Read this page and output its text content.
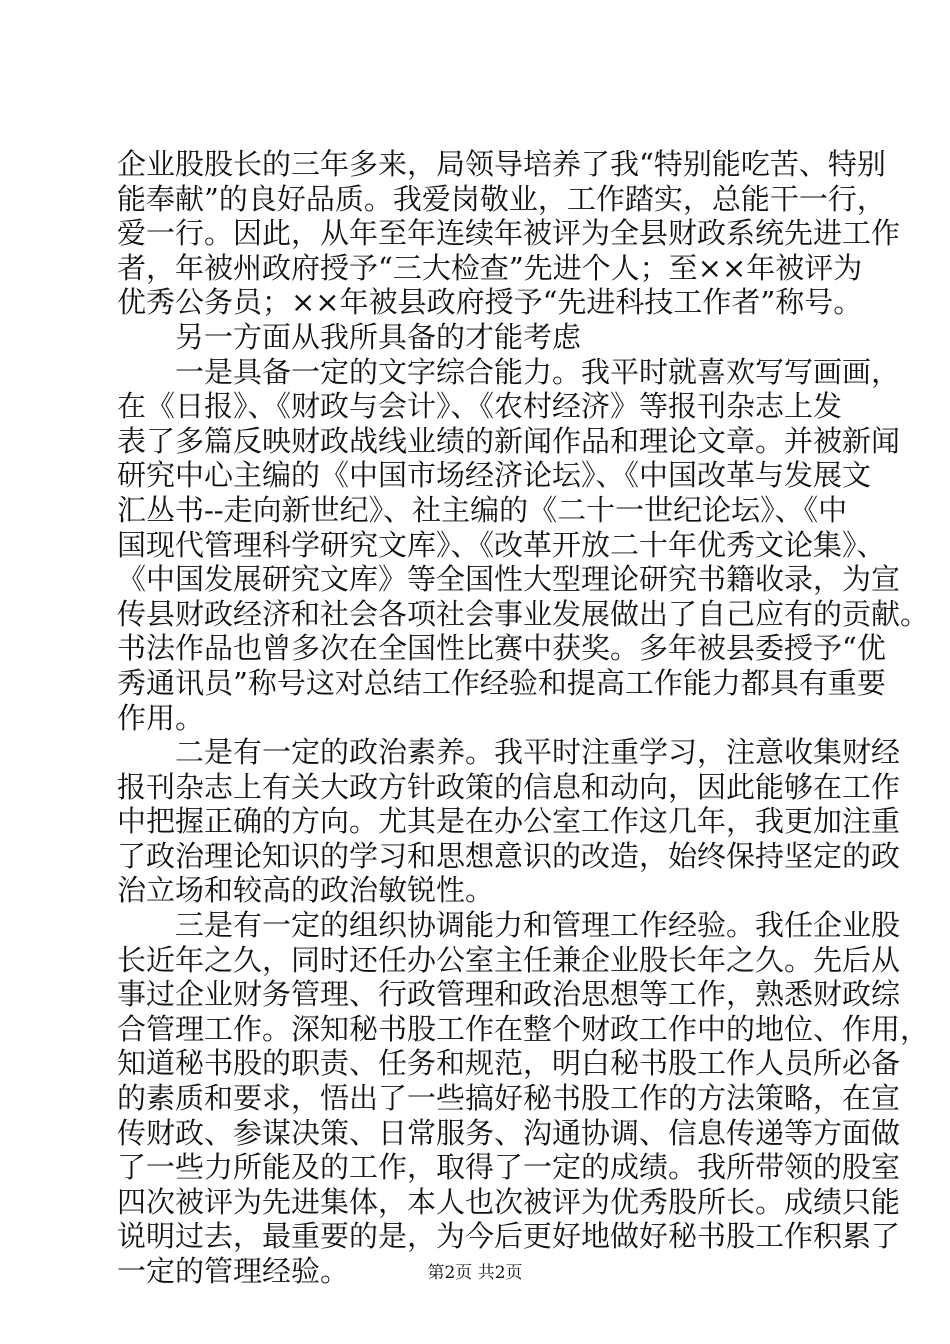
企业股股长的三年多来，局领导培养了我“特别能吃苦、特别
能奉献”的良好品质。我爱岗敬业，工作踏实，总能干一行，
爱一行。因此，从年至年连续年被评为全县财政系统先进工作
者，年被州政府授予“三大检查”先进个人；至××年被评为
优秀公务员；××年被县政府授予“先进科技工作者”称号。
另一方面从我所具备的才能考虑
一是具备一定的文字综合能力。我平时就喜欢写写画画，
在《日报》、《财政与会计》、《农村经济》等报刊杂志上发
表了多篇反映财政战线业绩的新闻作品和理论文章。并被新闻
研究中心主编的《中国市场经济论坛》、《中国改革与发展文
汇丛书--走向新世纪》、社主编的《二十一世纪论坛》、《中
国现代管理科学研究文库》、《改革开放二十年优秀文论集》、
《中国发展研究文库》等全国性大型理论研究书籍收录，为宣
传县财政经济和社会各项社会事业发展做出了自己应有的贡献。
书法作品也曾多次在全国性比赛中获奖。多年被县委授予“优
秀通讯员”称号这对总结工作经验和提高工作能力都具有重要
作用。
二是有一定的政治素养。我平时注重学习，注意收集财经
报刊杂志上有关大政方针政策的信息和动向，因此能够在工作
中把握正确的方向。尤其是在办公室工作这几年，我更加注重
了政治理论知识的学习和思想意识的改造，始终保持坚定的政
治立场和较高的政治敏锐性。
三是有一定的组织协调能力和管理工作经验。我任企业股
长近年之久，同时还任办公室主任兼企业股长年之久。先后从
事过企业财务管理、行政管理和政治思想等工作，熟悉财政综
合管理工作。深知秘书股工作在整个财政工作中的地位、作用，
知道秘书股的职责、任务和规范，明白秘书股工作人员所必备
的素质和要求，悟出了一些搞好秘书股工作的方法策略，在宣
传财政、参谋决策、日常服务、沟通协调、信息传递等方面做
了一些力所能及的工作，取得了一定的成绩。我所带领的股室
四次被评为先进集体，本人也次被评为优秀股所长。成绩只能
说明过去，最重要的是，为今后更好地做好秘书股工作积累了
一定的管理经验。	第2页 共2页
